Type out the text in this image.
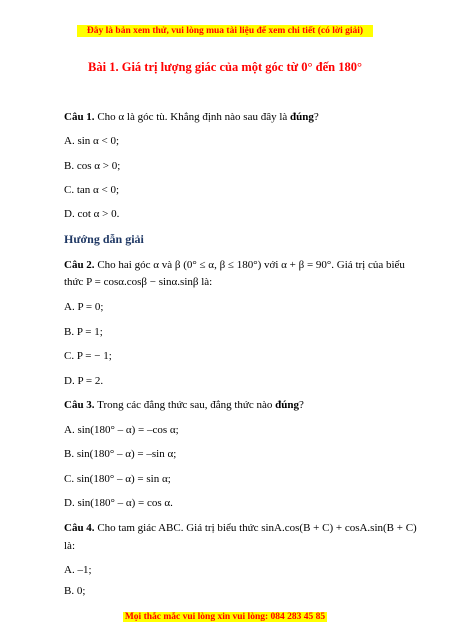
Đây là bản xem thử, vui lòng mua tài liệu để xem chi tiết (có lời giải)
Bài 1. Giá trị lượng giác của một góc từ 0° đến 180°
Câu 1. Cho α là góc tù. Khẳng định nào sau đây là đúng?
A. sin α < 0;
B. cos α > 0;
C. tan α < 0;
D. cot α > 0.
Hướng dẫn giải
Câu 2. Cho hai góc α và β (0° ≤ α, β ≤ 180°) với α + β = 90°. Giá trị của biểu
thức P = cosα.cosβ − sinα.sinβ là:
A. P = 0;
B. P = 1;
C. P = − 1;
D. P = 2.
Câu 3. Trong các đẳng thức sau, đẳng thức nào đúng?
A. sin(180° – α) = –cos α;
B. sin(180° – α) = –sin α;
C. sin(180° – α) = sin α;
D. sin(180° – α) = cos α.
Câu 4. Cho tam giác ABC. Giá trị biểu thức sinA.cos(B + C) + cosA.sin(B + C)
là:
A. –1;
B. 0;
Mọi thắc mắc vui lòng xin vui lòng: 084 283 45 85
